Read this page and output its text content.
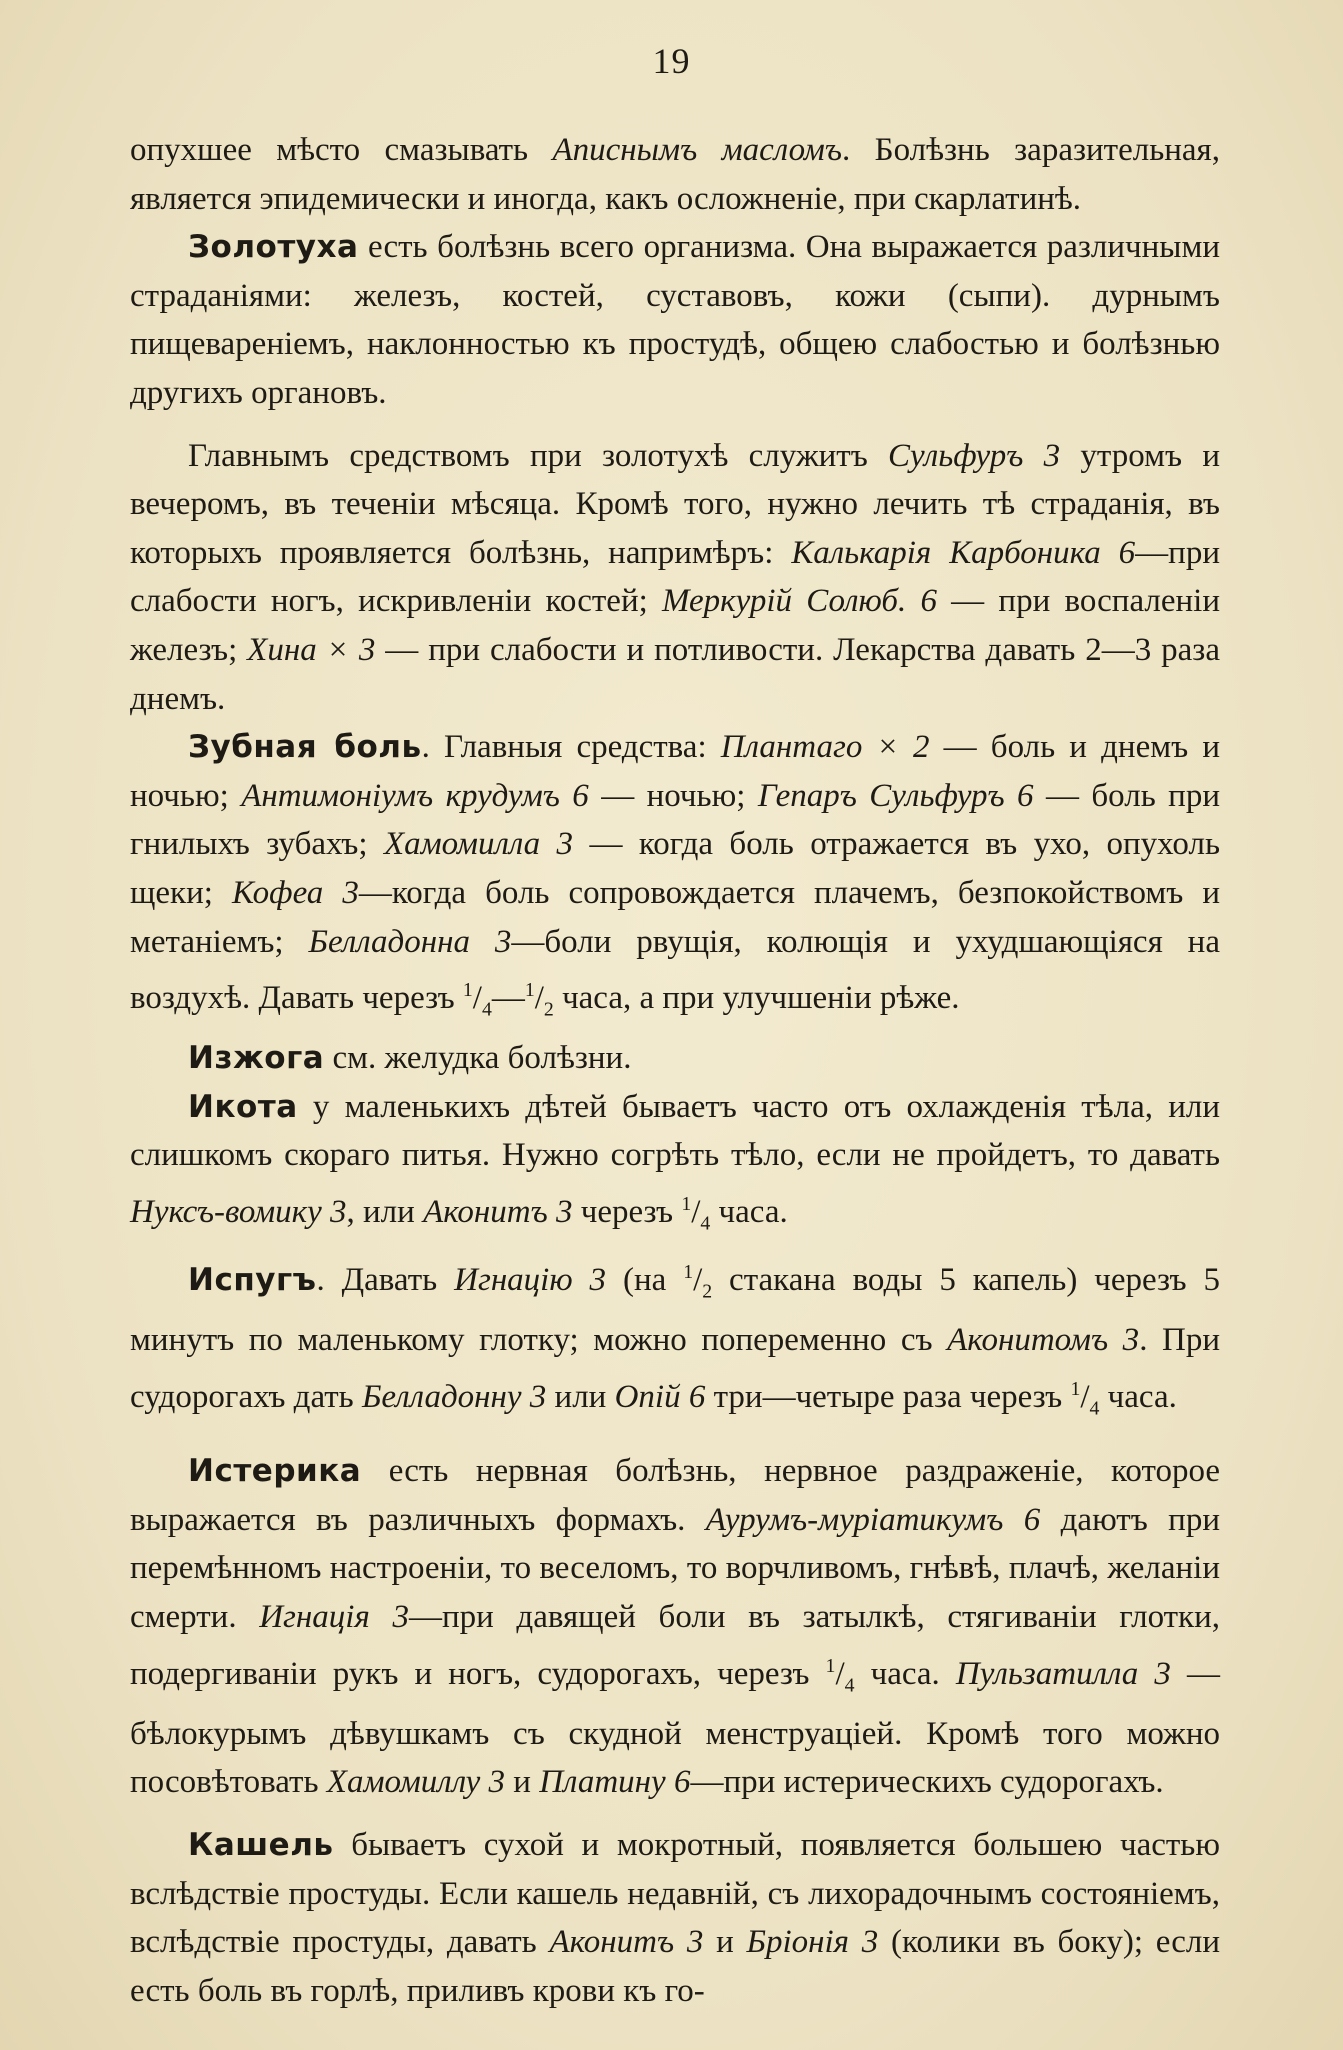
19

опухшее мѣсто смазывать Аписнымъ масломъ. Болѣзнь заразительная, является эпидемически и иногда, какъ осложненіе, при скарлатинѣ.

Золотуха есть болѣзнь всего организма. Она выражается различными страданіями: железъ, костей, суставовъ, кожи (сыпи). дурнымъ пищевареніемъ, наклонностью къ простудѣ, общею слабостью и болѣзнью другихъ органовъ.

Главнымъ средствомъ при золотухѣ служитъ Сульфуръ 3 утромъ и вечеромъ, въ теченіи мѣсяца. Кромѣ того, нужно лечить тѣ страданія, въ которыхъ проявляется болѣзнь, напримѣръ: Калькарія Карбоника 6—при слабости ногъ, искривленіи костей; Меркурій Солюб. 6 — при воспаленіи железъ; Хина × 3 — при слабости и потливости. Лекарства давать 2—3 раза днемъ.

Зубная боль. Главныя средства: Плантаго × 2 — боль и днемъ и ночью; Антимоніумъ крудумъ 6 — ночью; Гепаръ Сульфуръ 6 — боль при гнилыхъ зубахъ; Хамомилла 3 — когда боль отражается въ ухо, опухоль щеки; Кофеа 3—когда боль сопровождается плачемъ, безпокойствомъ и метаніемъ; Белладонна 3—боли рвущія, колющія и ухудшающіяся на воздухѣ. Давать черезъ $^1/_4—^1/_2$ часа, а при улучшеніи рѣже.

Изжога см. желудка болѣзни.

Икота у маленькихъ дѣтей бываетъ часто отъ охлажденія тѣла, или слишкомъ скораго питья. Нужно согрѣть тѣло, если не пройдетъ, то давать Нуксъ-вомику 3, или Аконитъ 3 черезъ $^1/_4$ часа.

Испугъ. Давать Игнацію 3 (на $^1/_2$ стакана воды 5 капель) черезъ 5 минутъ по маленькому глотку; можно попеременно съ Аконитомъ 3. При судорогахъ дать Белладонну 3 или Опій 6 три—четыре раза черезъ $^1/_4$ часа.

Истерика есть нервная болѣзнь, нервное раздраженіе, которое выражается въ различныхъ формахъ. Аурумъ-муріатикумъ 6 даютъ при перемѣнномъ настроеніи, то веселомъ, то ворчливомъ, гнѣвѣ, плачѣ, желаніи смерти. Игнація 3—при давящей боли въ затылкѣ, стягиваніи глотки, подергиваніи рукъ и ногъ, судорогахъ, черезъ $^1/_4$ часа. Пульзатилла 3 — бѣлокурымъ дѣвушкамъ съ скудной менструаціей. Кромѣ того можно посовѣтовать Хамомиллу 3 и Платину 6—при истерическихъ судорогахъ.

Кашель бываетъ сухой и мокротный, появляется большею частью вслѣдствіе простуды. Если кашель недавній, съ лихорадочнымъ состояніемъ, вслѣдствіе простуды, давать Аконитъ 3 и Бріонія 3 (колики въ боку); если есть боль въ горлѣ, приливъ крови къ го-
